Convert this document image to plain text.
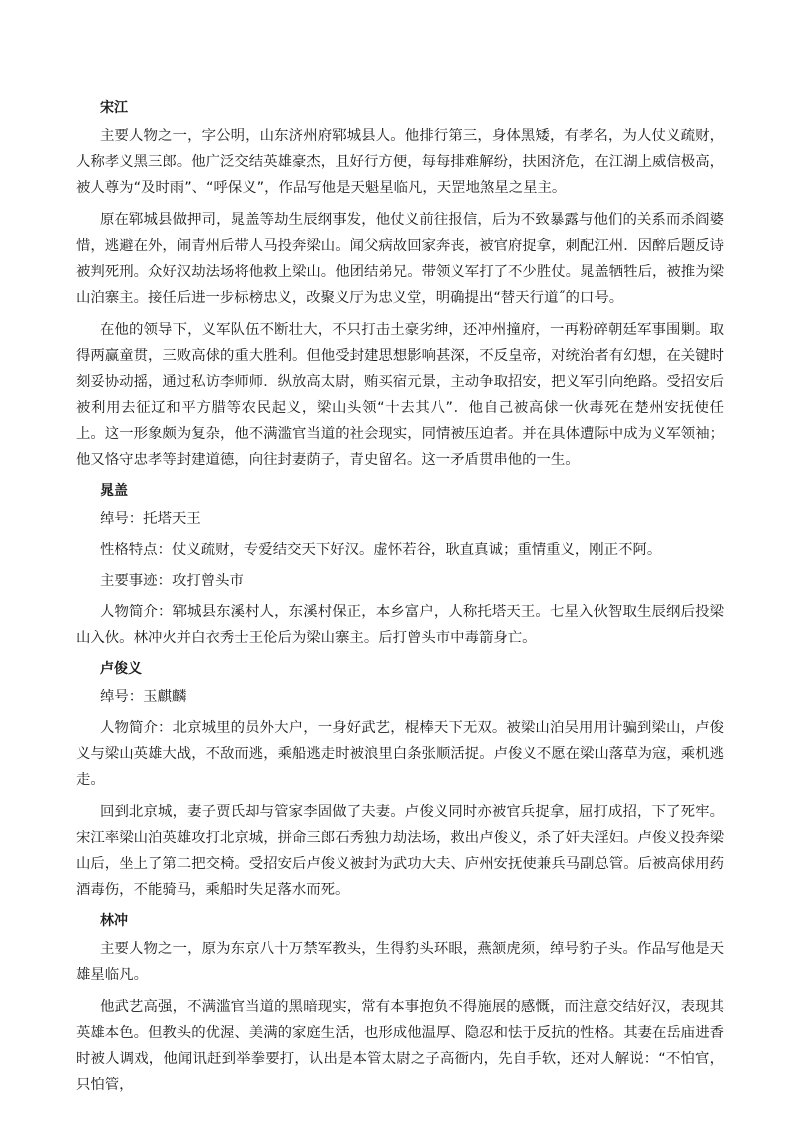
宋江

主要人物之一，字公明，山东济州府郓城县人。他排行第三，身体黑矮，有孝名，为人仗义疏财，人称孝义黑三郎。他广泛交结英雄豪杰，且好行方便，每每排难解纷，扶困济危，在江湖上威信极高，被人尊为“及时雨”、“呼保义”，作品写他是天魁星临凡，天罡地煞星之星主。

原在郓城县做押司，晁盖等劫生辰纲事发，他仗义前往报信，后为不致暴露与他们的关系而杀阎婆惜，逃避在外，闹青州后带人马投奔梁山。闻父病故回家奔丧，被官府捉拿，刺配江州．因醉后题反诗被判死刑。众好汉劫法场将他救上梁山。他团结弟兄。带领义军打了不少胜仗。晁盖牺牲后，被推为梁山泊寨主。接任后进一步标榜忠义，改聚义厅为忠义堂，明确提出“替天行道˝的口号。

在他的领导下，义军队伍不断壮大，不只打击土豪劣绅，还冲州撞府，一再粉碎朝廷军事围剿。取得两赢童贯，三败高俅的重大胜利。但他受封建思想影响甚深，不反皇帝，对统治者有幻想，在关键时刻妥协动摇，通过私访李师师．纵放高太尉，贿买宿元景，主动争取招安，把义军引向绝路。受招安后被利用去征辽和平方腊等农民起义，梁山头领“十去其八”．他自己被高俅一伙毒死在楚州安抚使任上。这一形象颇为复杂，他不满滥官当道的社会现实，同情被压迫者。并在具体遭际中成为义军领袖；他又恪守忠孝等封建道德，向往封妻荫子，青史留名。这一矛盾贯串他的一生。

晁盖

绰号：托塔天王

性格特点：仗义疏财，专爱结交天下好汉。虚怀若谷，耿直真诚；重情重义，刚正不阿。

主要事迹：攻打曾头市

人物简介：郓城县东溪村人，东溪村保正，本乡富户，人称托塔天王。七星入伙智取生辰纲后投梁山入伙。林冲火并白衣秀士王伦后为梁山寨主。后打曾头市中毒箭身亡。

卢俊义

绰号：玉麒麟

人物简介：北京城里的员外大户，一身好武艺，棍棒天下无双。被梁山泊吴用用计骗到梁山，卢俊义与梁山英雄大战，不敌而逃，乘船逃走时被浪里白条张顺活捉。卢俊义不愿在梁山落草为寇，乘机逃走。

回到北京城，妻子贾氏却与管家李固做了夫妻。卢俊义同时亦被官兵捉拿，屈打成招，下了死牢。宋江率梁山泊英雄攻打北京城，拼命三郎石秀独力劫法场，救出卢俊义，杀了奸夫淫妇。卢俊义投奔梁山后，坐上了第二把交椅。受招安后卢俊义被封为武功大夫、庐州安抚使兼兵马副总管。后被高俅用药酒毒伤，不能骑马，乘船时失足落水而死。

林冲

主要人物之一，原为东京八十万禁军教头，生得豹头环眼，燕颔虎须，绰号豹子头。作品写他是天雄星临凡。

他武艺高强，不满滥官当道的黑暗现实，常有本事抱负不得施展的感慨，而注意交结好汉，表现其英雄本色。但教头的优渥、美满的家庭生活，也形成他温厚、隐忍和怯于反抗的性格。其妻在岳庙进香时被人调戏，他闻讯赶到举拳要打，认出是本管太尉之子高衙内，先自手软，还对人解说：“不怕官，只怕管，
